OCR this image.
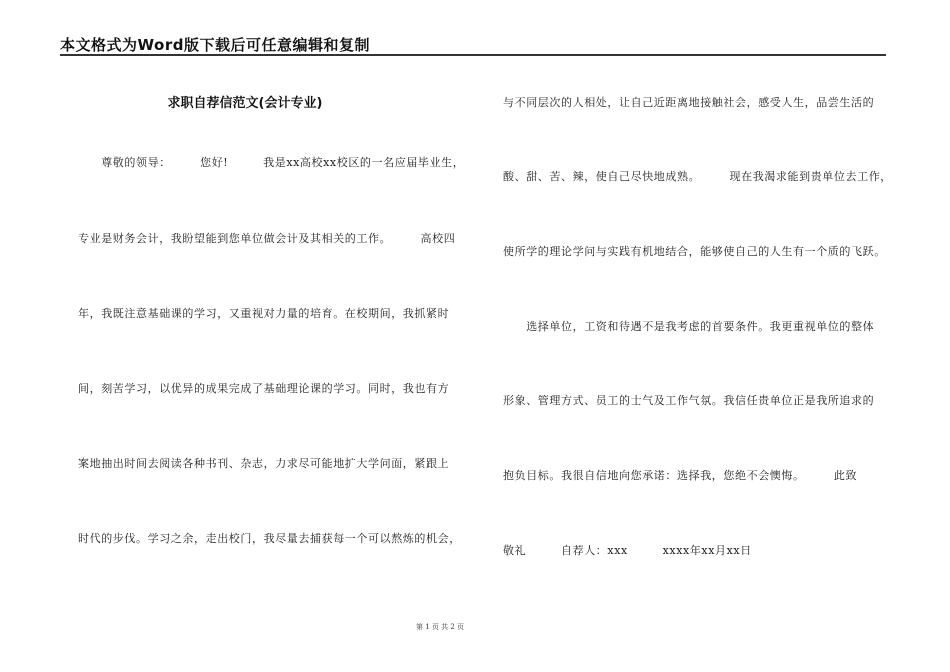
本文格式为Word版下载后可任意编辑和复制
求职自荐信范文(会计专业)
　　尊敬的领导：　　　您好!　　　我是xx高校xx校区的一名应届毕业生，
专业是财务会计，我盼望能到您单位做会计及其相关的工作。　　　高校四
年，我既注意基础课的学习，又重视对力量的培育。在校期间，我抓紧时
间，刻苦学习，以优异的成果完成了基础理论课的学习。同时，我也有方
案地抽出时间去阅读各种书刊、杂志，力求尽可能地扩大学问面，紧跟上
时代的步伐。学习之余，走出校门，我尽量去捕获每一个可以熬炼的机会，
与不同层次的人相处，让自己近距离地接触社会，感受人生，品尝生活的
酸、甜、苦、辣，使自己尽快地成熟。　　　现在我渴求能到贵单位去工作，
使所学的理论学问与实践有机地结合，能够使自己的人生有一个质的飞跃。
　　选择单位，工资和待遇不是我考虑的首要条件。我更重视单位的整体
形象、管理方式、员工的士气及工作气氛。我信任贵单位正是我所追求的
抱负目标。我很自信地向您承诺：选择我，您绝不会懊悔。　　　此致
敬礼　　　自荐人：xxx　　　xxxx年xx月xx日
第 1 页 共 2 页
